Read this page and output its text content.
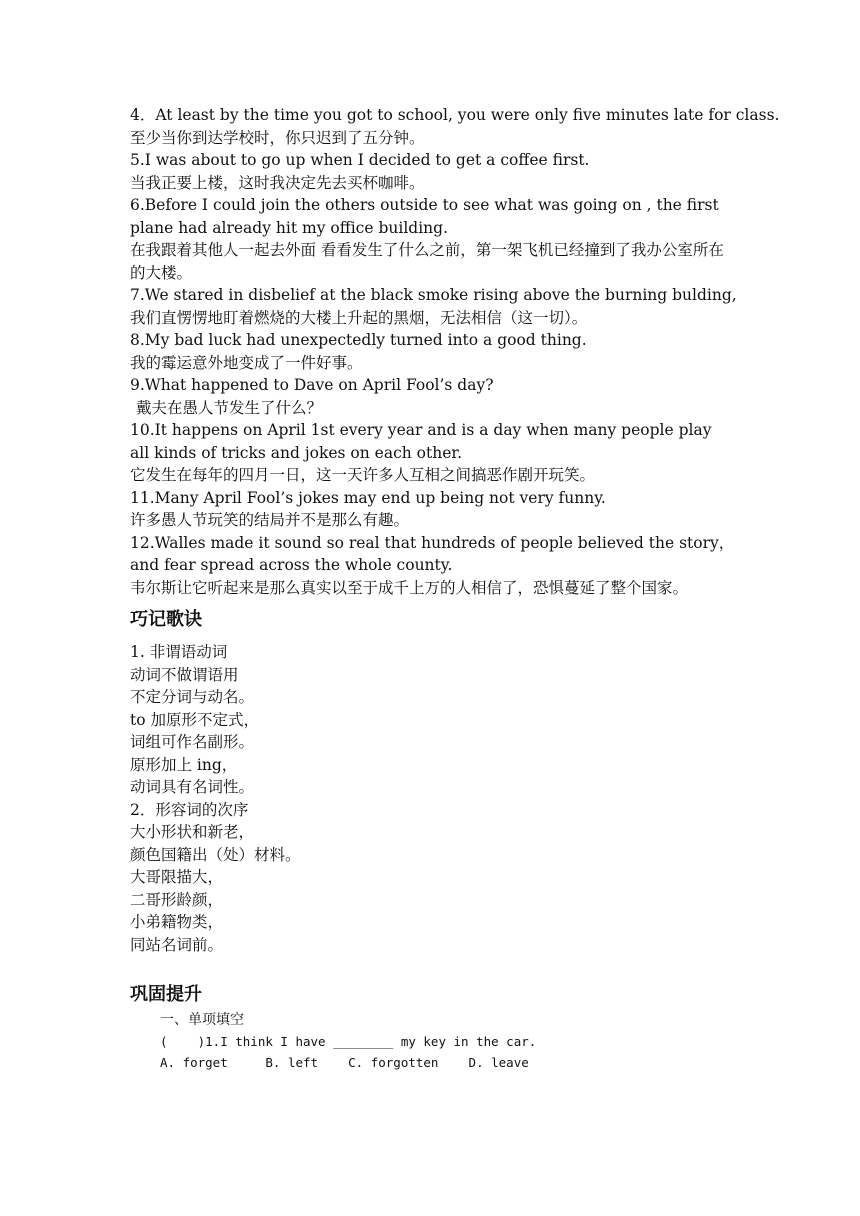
4．At least by the time you got to school, you were only five minutes late for class.
至少当你到达学校时，你只迟到了五分钟。
5.I was about to go up when I decided to get a coffee first.
当我正要上楼，这时我决定先去买杯咖啡。
6.Before I could join the others outside to see what was going on , the first plane had already hit my office building.
在我跟着其他人一起去外面 看看发生了什么之前，第一架飞机已经撞到了我办公室所在的大楼。
7.We stared in disbelief at the black smoke rising above the burning bulding,
我们直愣愣地盯着燃烧的大楼上升起的黑烟，无法相信（这一切）。
8.My bad luck had unexpectedly turned into a good thing.
我的霉运意外地变成了一件好事。
9.What happened to Dave on April Fool’s day?
戴夫在愚人节发生了什么？
10.It happens on April 1st every year and is a day when many people play all kinds of tricks and jokes on each other.
它发生在每年的四月一日，这一天许多人互相之间搞恶作剧开玩笑。
11.Many April Fool’s jokes may end up being not very funny.
许多愚人节玩笑的结局并不是那么有趣。
12.Walles made it sound so real that hundreds of people believed the story，and fear spread across the whole county.
韦尔斯让它听起来是那么真实以至于成千上万的人相信了，恐惧蔓延了整个国家。
巧记歌诀
1. 非谓语动词
动词不做谓语用
不定分词与动名。
to 加原形不定式，
词组可作名副形。
原形加上 ing，
动词具有名词性。
2．形容词的次序
大小形状和新老，
颜色国籍出（处）材料。
大哥限描大，
二哥形龄颜，
小弟籍物类，
同站名词前。
巩固提升
一、单项填空
(    )1.I think I have ________ my key in the car.
A. forget     B. left    C. forgotten    D. leave
